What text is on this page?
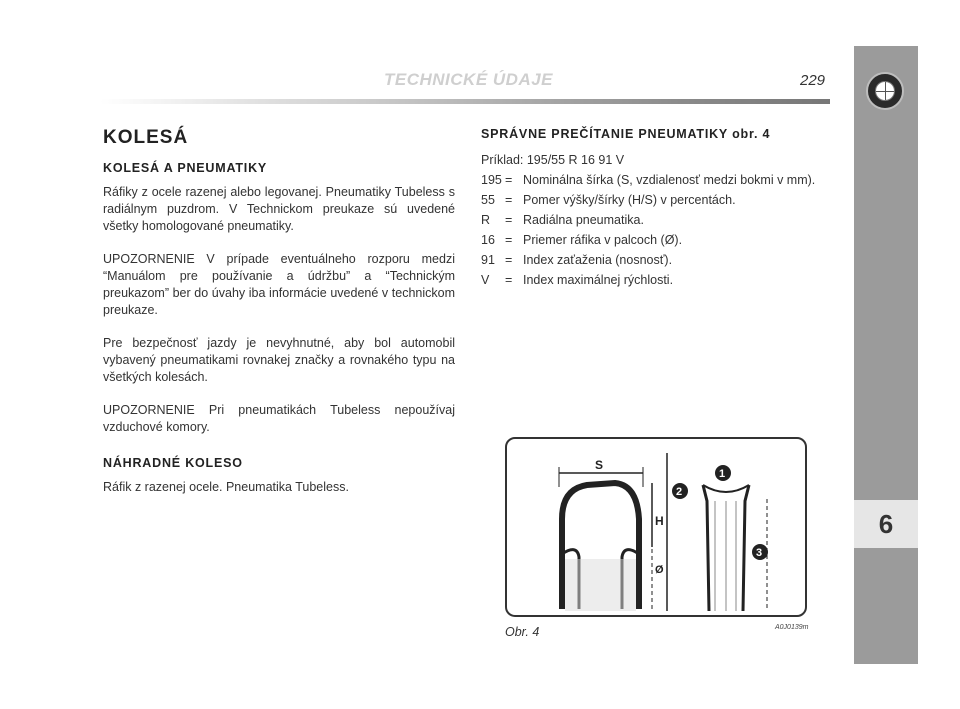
TECHNICKÉ ÚDAJE	229
6
KOLESÁ
KOLESÁ A PNEUMATIKY

Ráfiky z ocele razenej alebo legovanej. Pneumatiky Tubeless s radiálnym puzdrom. V Technickom preukaze sú uvedené všetky homologované pneumatiky.

UPOZORNENIE V prípade eventuálneho rozporu medzi “Manuálom pre používanie a údržbu” a “Technickým preukazom” ber do úvahy iba informácie uvedené v technickom preukaze.

Pre bezpečnosť jazdy je nevyhnutné, aby bol automobil vybavený pneumatikami rovnakej značky a rovnakého typu na všetkých kolesách.

UPOZORNENIE Pri pneumatikách Tubeless nepoužívaj vzduchové komory.

NÁHRADNÉ KOLESO

Ráfik z razenej ocele. Pneumatika Tubeless.

SPRÁVNE PREČÍTANIE PNEUMATIKY obr. 4
Príklad: 195/55 R 16 91 V
195 = Nominálna šírka (S, vzdialenosť medzi bokmi v mm).
55 = Pomer výšky/šírky (H/S) v percentách.
R	= Radiálna pneumatika.
16 = Priemer ráfika v palcoch (Ø).
91 = Index zaťaženia (nosnosť).
V	= Index maximálnej rýchlosti.
S
H
Ø
1
2
3
Obr. 4	A0J0139m
